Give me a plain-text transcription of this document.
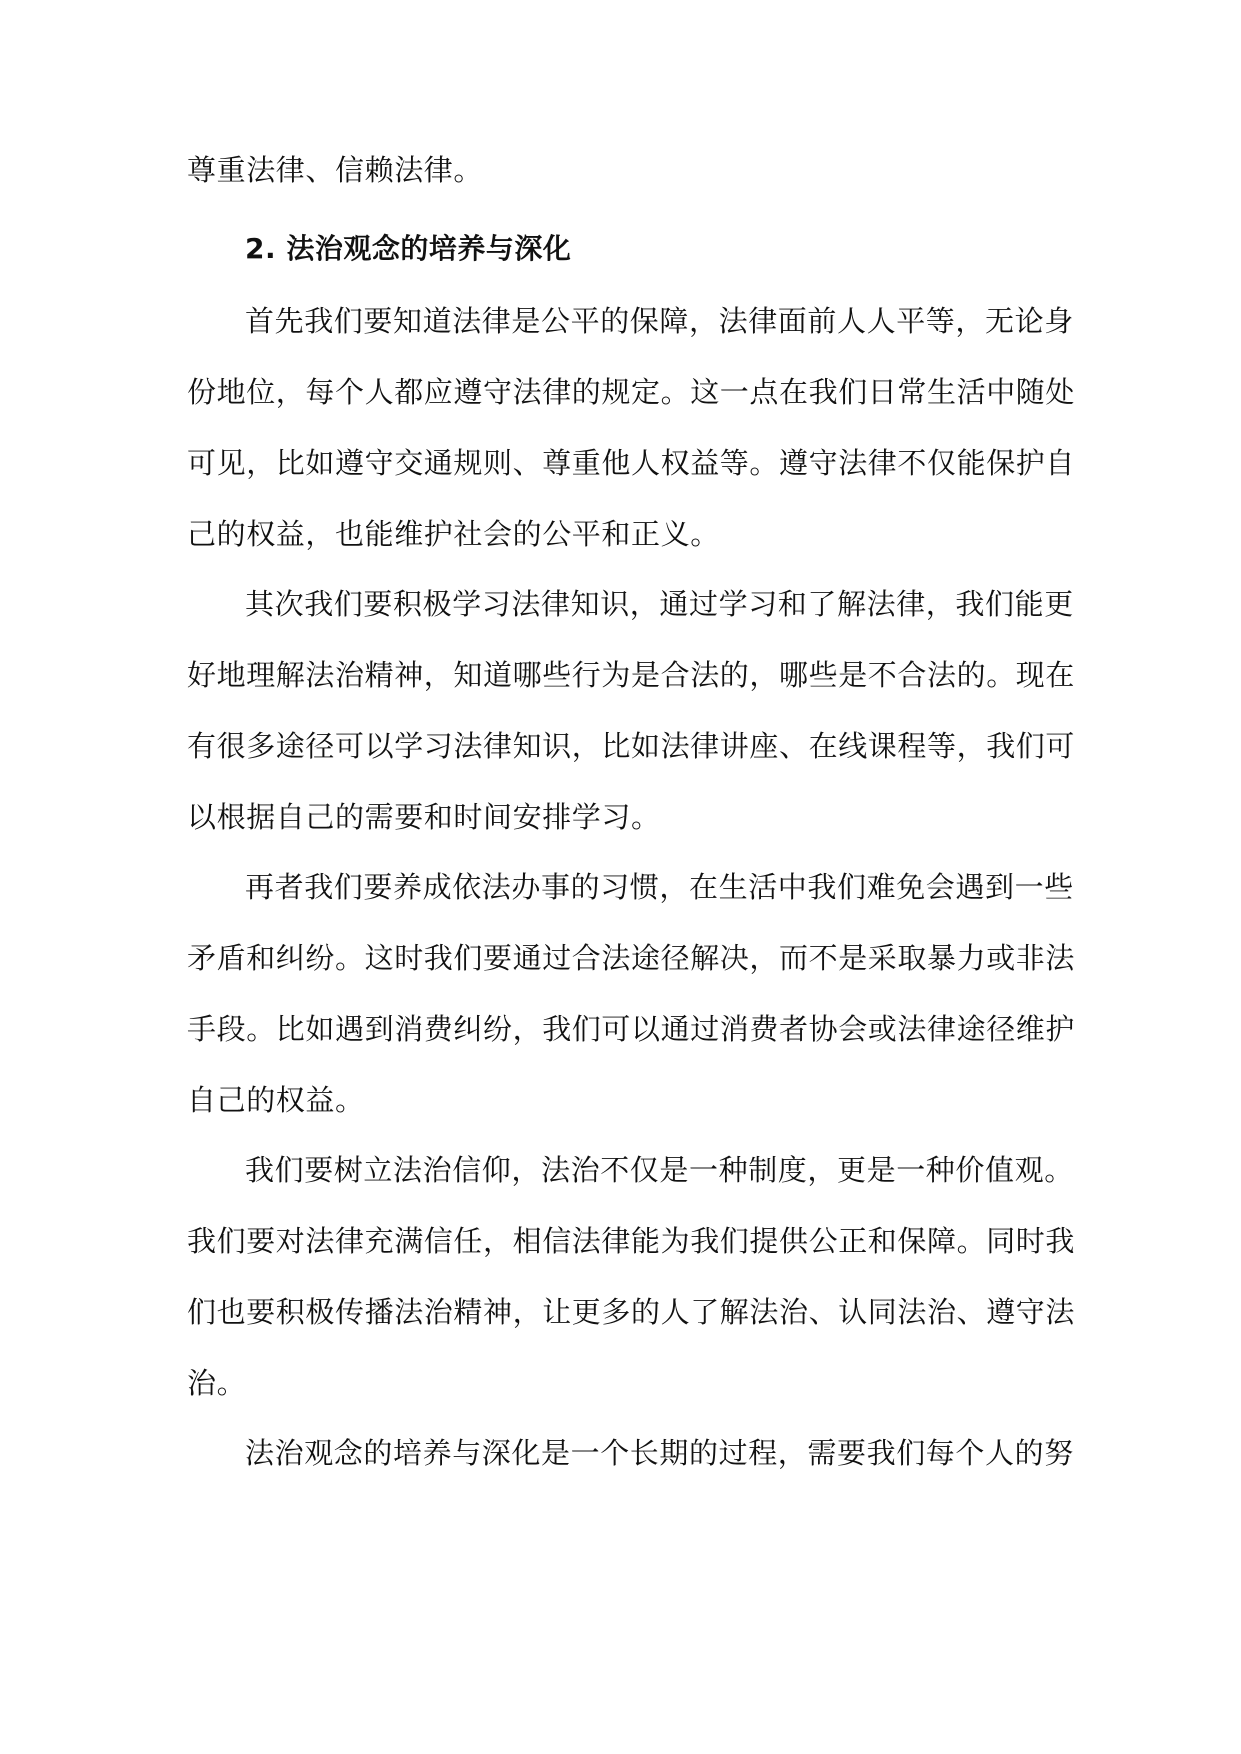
尊重法律、信赖法律。
2. 法治观念的培养与深化
首先我们要知道法律是公平的保障，法律面前人人平等，无论身
份地位，每个人都应遵守法律的规定。这一点在我们日常生活中随处
可见，比如遵守交通规则、尊重他人权益等。遵守法律不仅能保护自
己的权益，也能维护社会的公平和正义。
其次我们要积极学习法律知识，通过学习和了解法律，我们能更
好地理解法治精神，知道哪些行为是合法的，哪些是不合法的。现在
有很多途径可以学习法律知识，比如法律讲座、在线课程等，我们可
以根据自己的需要和时间安排学习。
再者我们要养成依法办事的习惯，在生活中我们难免会遇到一些
矛盾和纠纷。这时我们要通过合法途径解决，而不是采取暴力或非法
手段。比如遇到消费纠纷，我们可以通过消费者协会或法律途径维护
自己的权益。
我们要树立法治信仰，法治不仅是一种制度，更是一种价值观。
我们要对法律充满信任，相信法律能为我们提供公正和保障。同时我
们也要积极传播法治精神，让更多的人了解法治、认同法治、遵守法
治。
法治观念的培养与深化是一个长期的过程，需要我们每个人的努
